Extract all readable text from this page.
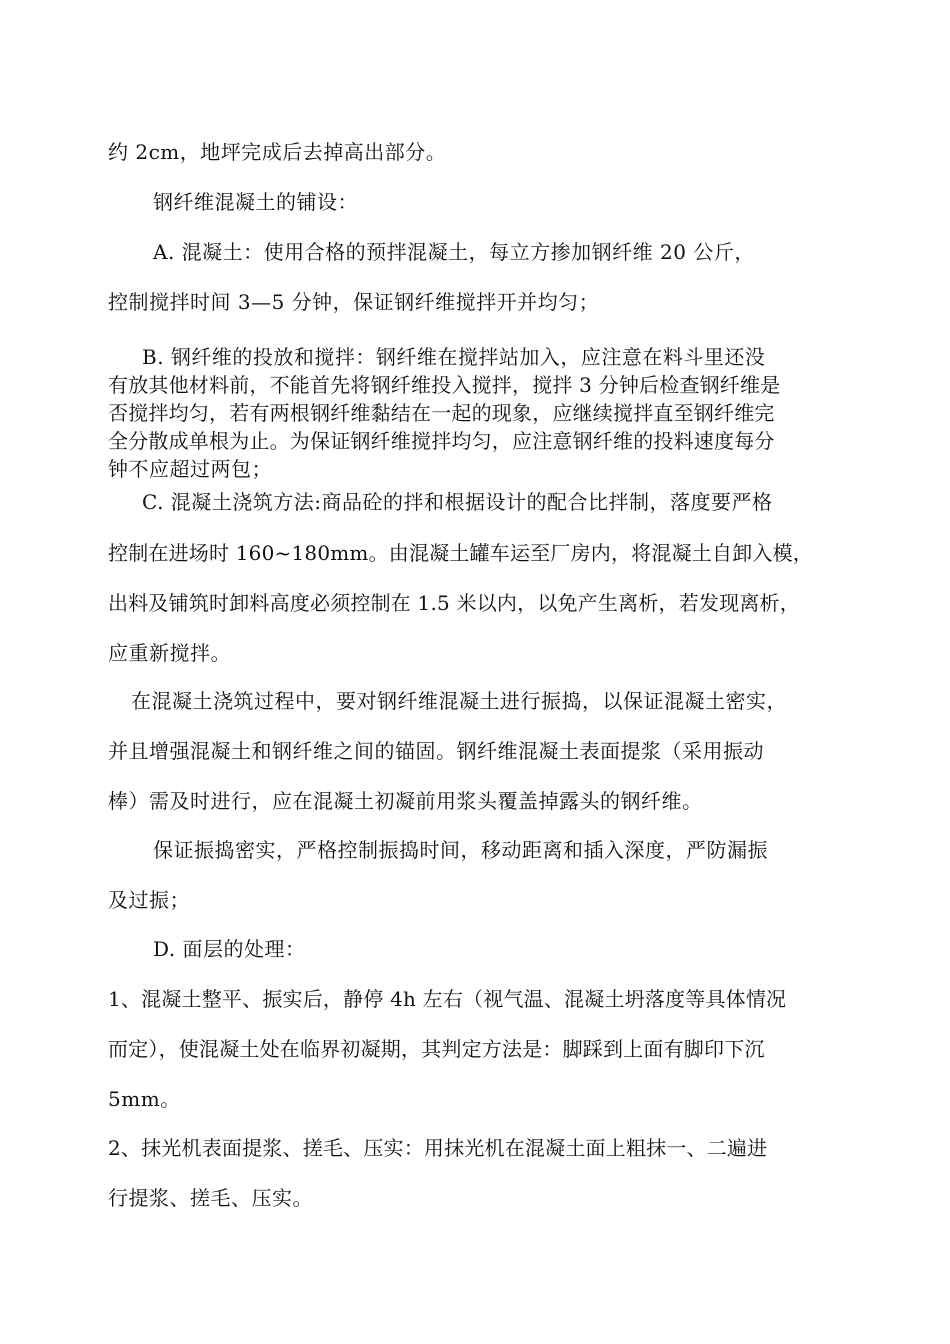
约 2cm，地坪完成后去掉高出部分。
钢纤维混凝土的铺设：
A. 混凝土：使用合格的预拌混凝土，每立方掺加钢纤维 20 公斤，
控制搅拌时间 3—5 分钟，保证钢纤维搅拌开并均匀；
B. 钢纤维的投放和搅拌：钢纤维在搅拌站加入，应注意在料斗里还没
有放其他材料前，不能首先将钢纤维投入搅拌，搅拌 3 分钟后检查钢纤维是
否搅拌均匀，若有两根钢纤维黏结在一起的现象，应继续搅拌直至钢纤维完
全分散成单根为止。为保证钢纤维搅拌均匀，应注意钢纤维的投料速度每分
钟不应超过两包；
C. 混凝土浇筑方法:商品砼的拌和根据设计的配合比拌制，落度要严格
控制在进场时 160~180mm。由混凝土罐车运至厂房内，将混凝土自卸入模，
出料及铺筑时卸料高度必须控制在 1.5 米以内，以免产生离析，若发现离析，
应重新搅拌。
在混凝土浇筑过程中，要对钢纤维混凝土进行振捣，以保证混凝土密实，
并且增强混凝土和钢纤维之间的锚固。钢纤维混凝土表面提浆（采用振动
棒）需及时进行，应在混凝土初凝前用浆头覆盖掉露头的钢纤维。
保证振捣密实，严格控制振捣时间，移动距离和插入深度，严防漏振
及过振；
D. 面层的处理：
1、混凝土整平、振实后，静停 4h 左右（视气温、混凝土坍落度等具体情况
而定），使混凝土处在临界初凝期，其判定方法是：脚踩到上面有脚印下沉
5mm。
2、抹光机表面提浆、搓毛、压实：用抹光机在混凝土面上粗抹一、二遍进
行提浆、搓毛、压实。
